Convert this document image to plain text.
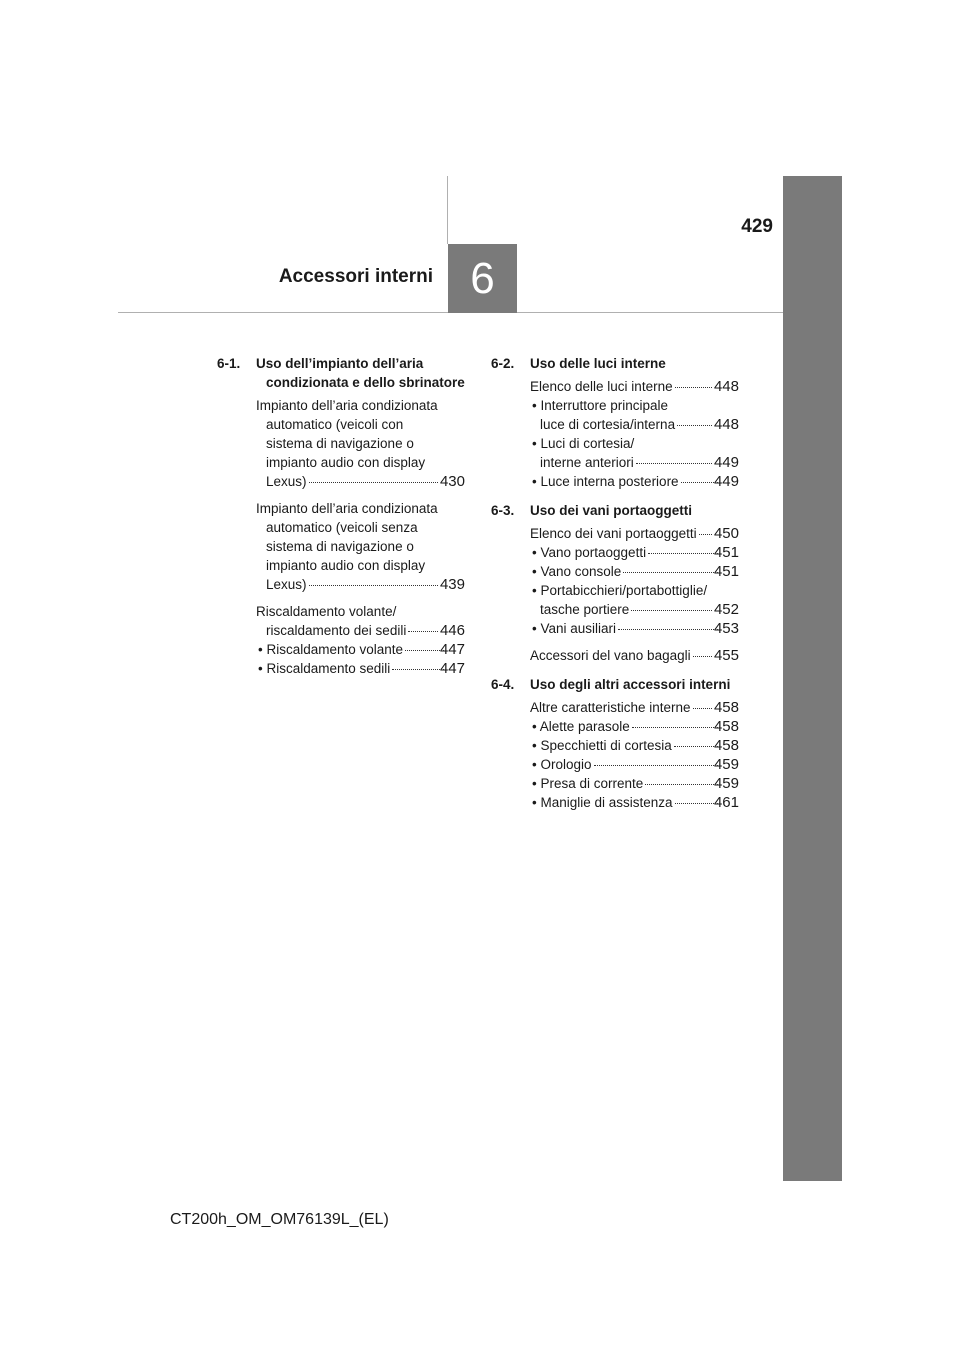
429
Accessori interni 6
CT200h_OM_OM76139L_(EL)
6-1. Uso dell’impianto dell’aria condizionata e dello sbrinatore
Impianto dell’aria condizionata
automatico (veicoli con
sistema di navigazione o
impianto audio con display
Lexus)	430
Impianto dell’aria condizionata
automatico (veicoli senza
sistema di navigazione o
impianto audio con display
Lexus)	439
Riscaldamento volante/
riscaldamento dei sedili 446
• Riscaldamento volante 447
• Riscaldamento sedili	447
6-2. Uso delle luci interne
Elenco delle luci interne	448
• Interruttore principale
luce di cortesia/interna	448
• Luci di cortesia/
interne anteriori	449
• Luce interna posteriore 449
6-3. Uso dei vani portaoggetti
Elenco dei vani portaoggetti 450
• Vano portaoggetti	451
• Vano console	451
• Portabicchieri/portabottiglie/
tasche portiere	452
• Vani ausiliari	453
Accessori del vano bagagli 455
6-4. Uso degli altri accessori interni
Altre caratteristiche interne 458
• Alette parasole	458
• Specchietti di cortesia	458
• Orologio	459
• Presa di corrente	459
• Maniglie di assistenza	461
